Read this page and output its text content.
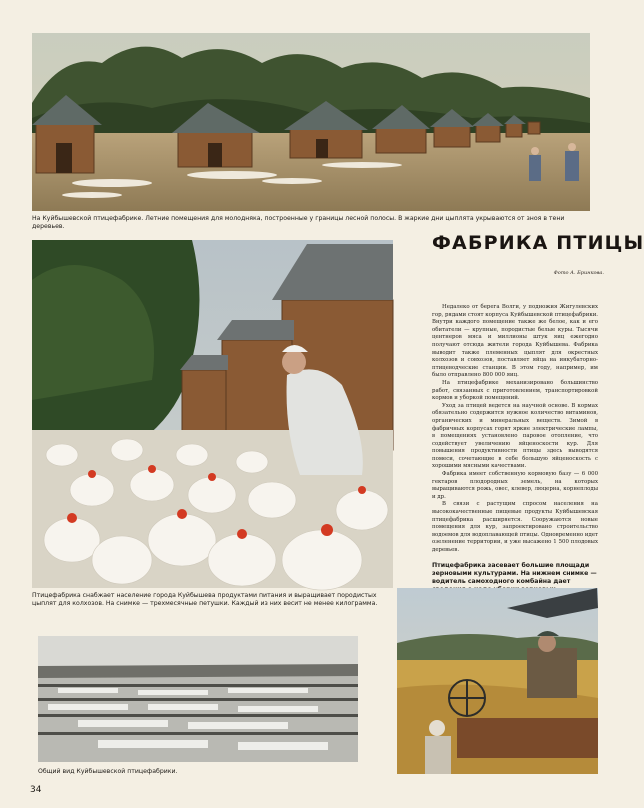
На Куйбышевской птицефабрике. Летние помещения для молодняка, построенные у границы лесной полосы. В жаркие дни цыплята укрываются от зноя в тени деревьев.
Птицефабрика снабжает население города Куйбышева продуктами питания и выращивает породистых цыплят для колхозов. На снимке — трехмесячные петушки. Каждый из них весит не менее килограмма.
Общий вид Куйбышевской птицефабрики.
ФАБРИКА ПТИЦЫ
Фото А. Бринкова.

Недалеко от берега Волги, у подножия Жигулевских гор, рядами стоят корпуса Куйбышевской птицефабрики. Внутри каждого помещение также же белое, как и его обитатели — крупные, породистые белые куры. Тысячи центнеров мяса и миллионы штук яиц ежегодно получают отсюда жители города Куйбышева. Фабрика выводит также племенных цыплят для окрестных колхозов и совхозов, поставляет яйца на инкубаторно-птицеводческие станции. В этом году, например, им было отправлено 800 000 яиц.

На птицефабрике механизировано большинство работ, связанных с приготовлением, транспортировкой кормов и уборкой помещений.

Уход за птицей ведется на научной основе. В кормах обязательно содержится нужное количество витаминов, органических и минеральных веществ. Зимой в фабричных корпусах горят яркие электрические лампы, в помещениях установлено паровое отопление, что содействует увеличению яйценоскости кур. Для повышения продуктивности птицы здесь выводятся помеси, сочетающие в себе большую яйценоскость с хорошими мясными качествами.

Фабрика имеет собственную кормовую базу — 6 000 гектаров плодородных земель, на которых выращиваются рожь, овес, клевер, люцерна, корнеплоды и др.

В связи с растущим спросом населения на высококачественные пищевые продукты Куйбышевская птицефабрика расширяется. Сооружаются новые помещения для кур, запроектировано строительство водоемов для водоплавающей птицы. Одновременно идет озеленение территории, и уже высажено 1 500 плодовых деревьев.

Птицефабрика засевает большие площади зерновыми культурами. На нижнем снимке — водитель самоходного комбайна дает
34
